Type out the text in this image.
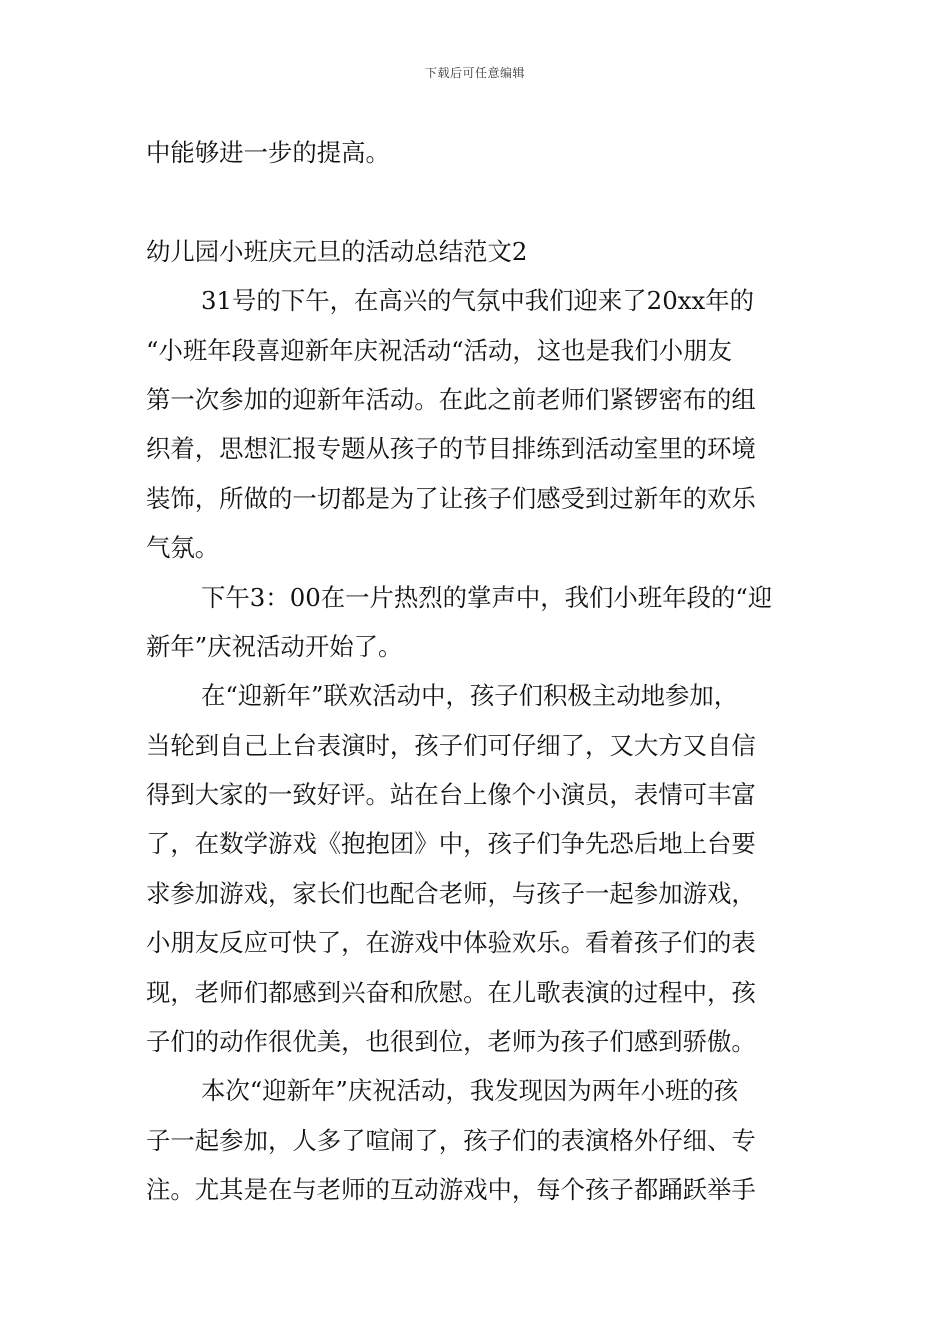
下载后可任意编辑
中能够进一步的提高。
幼儿园小班庆元旦的活动总结范文2
31号的下午，在高兴的气氛中我们迎来了20xx年的
“小班年段喜迎新年庆祝活动“活动，这也是我们小朋友
第一次参加的迎新年活动。在此之前老师们紧锣密布的组
织着，思想汇报专题从孩子的节目排练到活动室里的环境
装饰，所做的一切都是为了让孩子们感受到过新年的欢乐
气氛。
下午3：00在一片热烈的掌声中，我们小班年段的“迎
新年”庆祝活动开始了。
在“迎新年”联欢活动中，孩子们积极主动地参加，
当轮到自己上台表演时，孩子们可仔细了，又大方又自信
得到大家的一致好评。站在台上像个小演员，表情可丰富
了，在数学游戏《抱抱团》中，孩子们争先恐后地上台要
求参加游戏，家长们也配合老师，与孩子一起参加游戏，
小朋友反应可快了，在游戏中体验欢乐。看着孩子们的表
现，老师们都感到兴奋和欣慰。在儿歌表演的过程中，孩
子们的动作很优美，也很到位，老师为孩子们感到骄傲。
本次“迎新年”庆祝活动，我发现因为两年小班的孩
子一起参加，人多了喧闹了，孩子们的表演格外仔细、专
注。尤其是在与老师的互动游戏中，每个孩子都踊跃举手
